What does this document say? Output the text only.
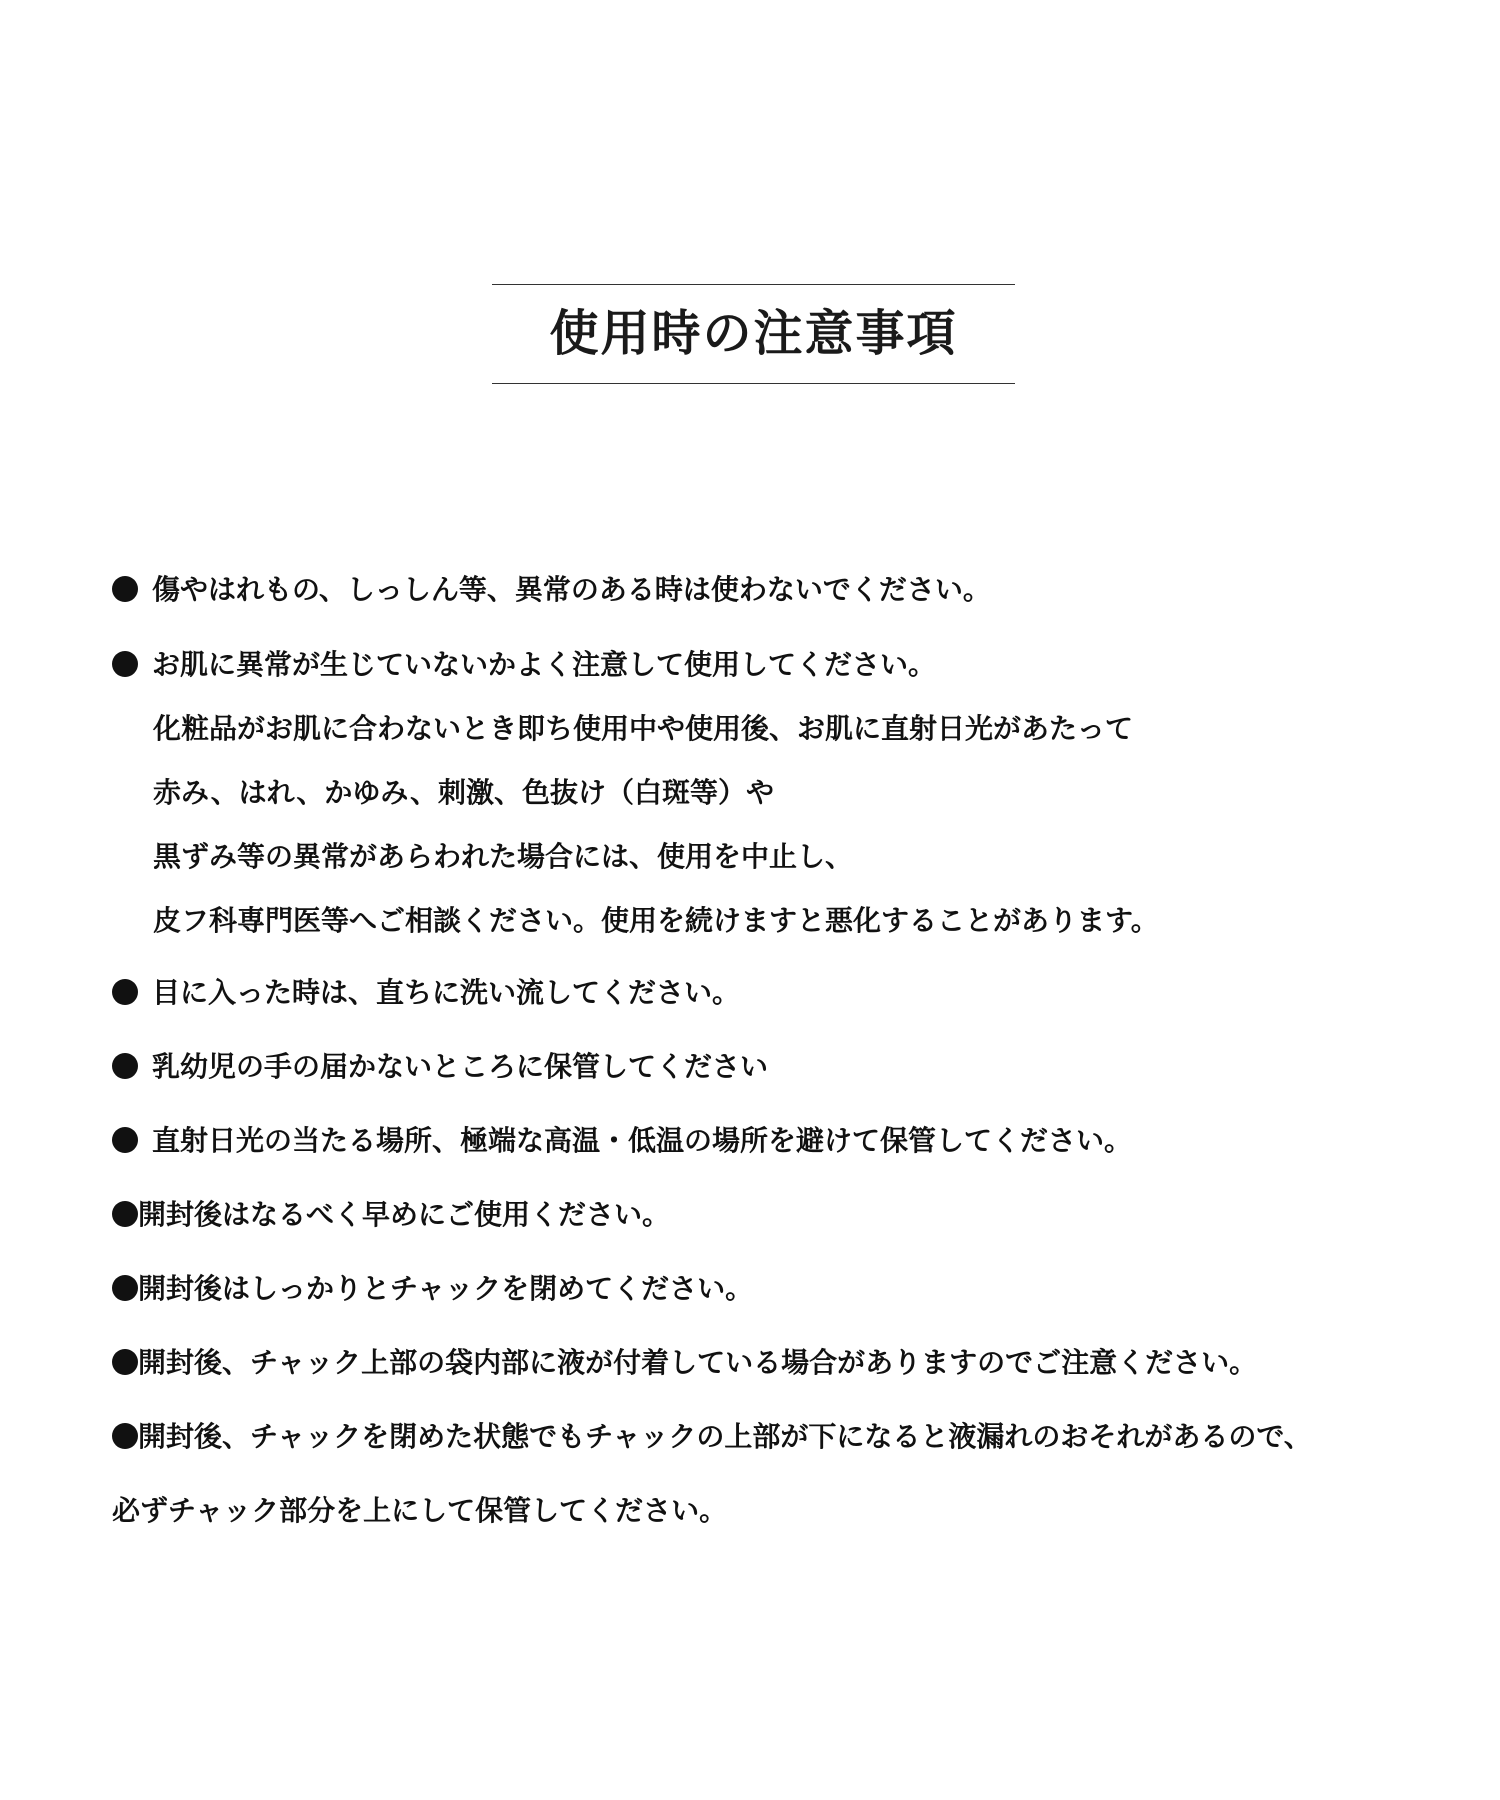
使用時の注意事項
傷やはれもの、しっしん等、異常のある時は使わないでください。
お肌に異常が生じていないかよく注意して使用してください。
化粧品がお肌に合わないとき即ち使用中や使用後、お肌に直射日光があたって
赤み、はれ、かゆみ、刺激、色抜け（白斑等）や
黒ずみ等の異常があらわれた場合には、使用を中止し、
皮フ科専門医等へご相談ください。使用を続けますと悪化することがあります。
目に入った時は、直ちに洗い流してください。
乳幼児の手の届かないところに保管してください
直射日光の当たる場所、極端な高温・低温の場所を避けて保管してください。
開封後はなるべく早めにご使用ください。
開封後はしっかりとチャックを閉めてください。
開封後、チャック上部の袋内部に液が付着している場合がありますのでご注意ください。
開封後、チャックを閉めた状態でもチャックの上部が下になると液漏れのおそれがあるので、
必ずチャック部分を上にして保管してください。
